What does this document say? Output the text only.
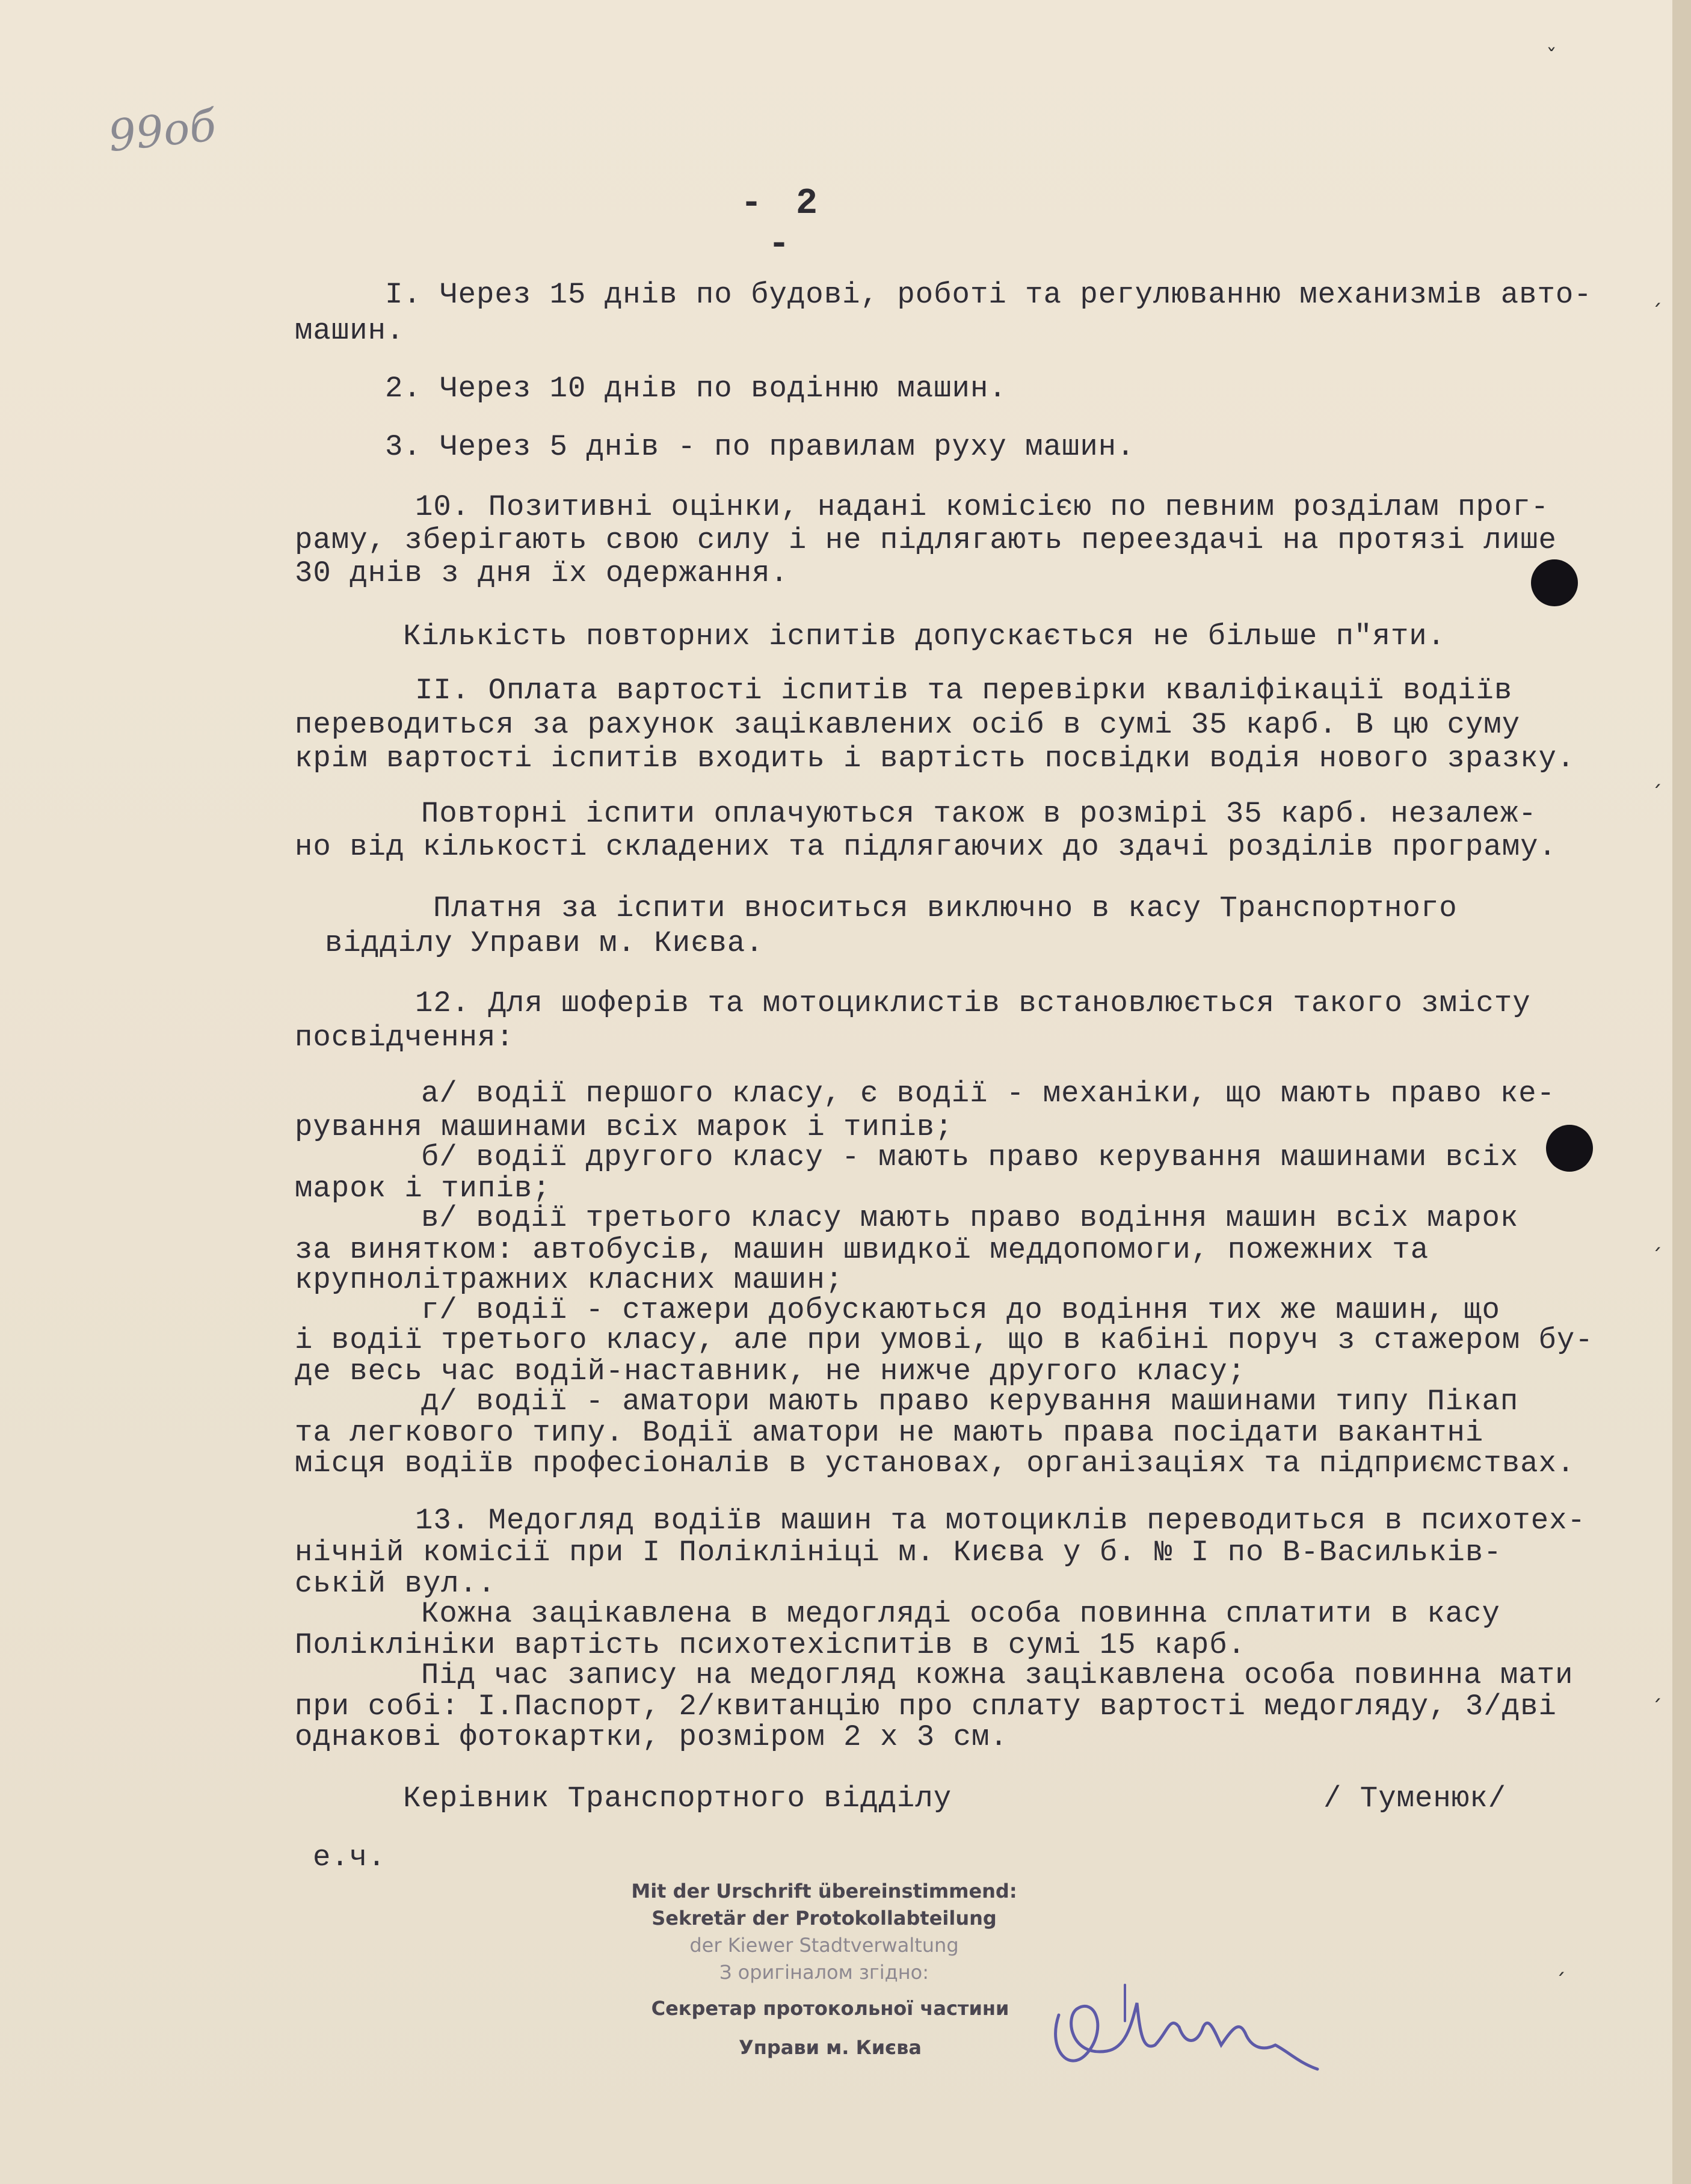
99об
- 2 -
І. Через 15 днів по будові, роботі та регулюванню механизмів авто-
машин.
2. Через 10 днів по водінню машин.
3. Через 5 днів - по правилам руху машин.
10. Позитивні оцінки, надані комісією по певним розділам прог-
раму, зберігають свою силу і не підлягають переездачі на протязі лише
30 днів з дня їх одержання.
Кількість повторних іспитів допускається не більше п"яти.
ІІ. Оплата вартості іспитів та перевірки кваліфікації водіїв
переводиться за рахунок зацікавлених осіб в сумі 35 карб. В цю суму
крім вартості іспитів входить і вартість посвідки водія нового зразку.
Повторні іспити оплачуються також в розмірі 35 карб. незалеж-
но від кількості складених та підлягаючих до здачі розділів програму.
Платня за іспити вноситься виключно в касу Транспортного
відділу Управи м. Києва.
12. Для шоферів та мотоциклистів встановлюється такого змісту
посвідчення:
а/ водії першого класу, є водії - механіки, що мають право ке-
рування машинами всіх марок і типів;
б/ водії другого класу - мають право керування машинами всіх
марок і типів;
в/ водії третього класу мають право водіння машин всіх марок
за винятком: автобусів, машин швидкої меддопомоги, пожежних та
крупнолітражних класних машин;
г/ водії - стажери добускаються до водіння тих же машин, що
і водії третього класу, але при умові, що в кабіні поруч з стажером бу-
де весь час водій-наставник, не нижче другого класу;
д/ водії - аматори мають право керування машинами типу Пікап
та легкового типу. Водії аматори не мають права посідати вакантні
місця водіїв професіоналів в установах, організаціях та підприємствах.
13. Медогляд водіїв машин та мотоциклів переводиться в психотех-
нічній комісії при І Поліклініці м. Києва у б. № І по В-Васильків-
ській вул..
Кожна зацікавлена в медогляді особа повинна сплатити в касу
Поліклініки вартість психотехіспитів в сумі 15 карб.
Під час запису на медогляд кожна зацікавлена особа повинна мати
при собі: І.Паспорт, 2/квитанцію про сплату вартості медогляду, 3/дві
однакові фотокартки, розміром 2 х 3 см.
Керівник Транспортного відділу	/ Туменюк/
е.ч.
Mit der Urschrift übereinstimmend:
Sekretär der Protokollabteilung
der Kiewer Stadtverwaltung
З оригіналом згідно:
Секретар протокольної частини
Управи м. Києва
ˇ
ˊ
ˊ
ˊ
ˊ
ˊ
